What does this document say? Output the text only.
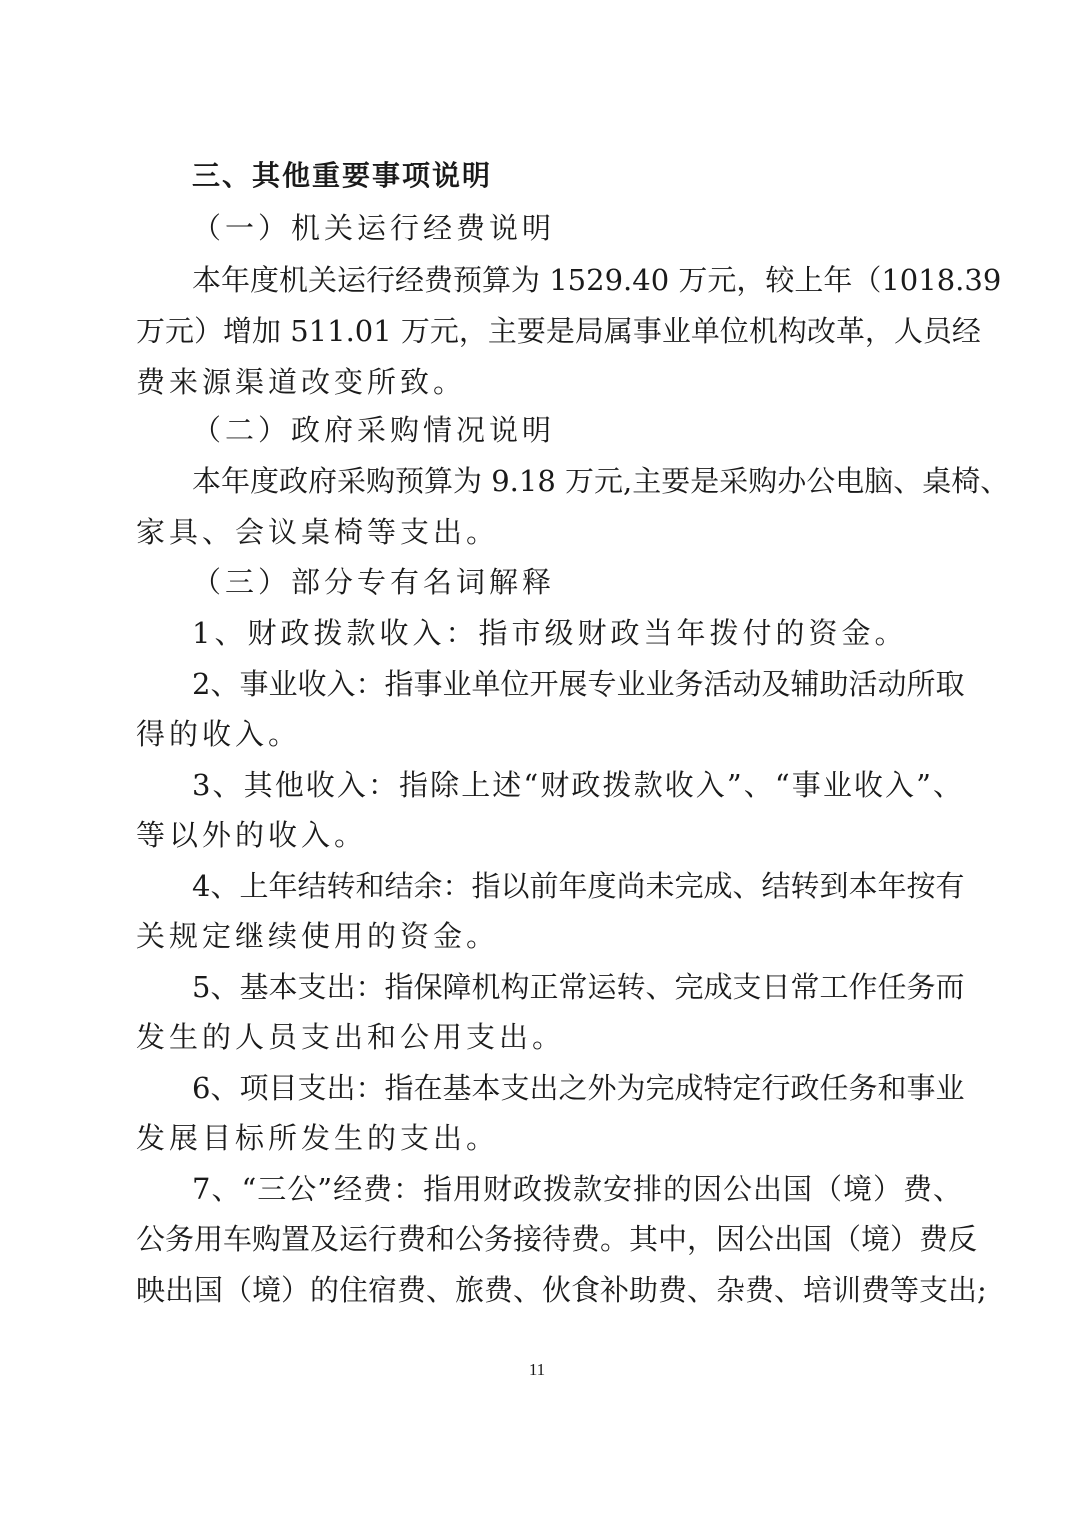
三、其他重要事项说明
（一）机关运行经费说明
本年度机关运行经费预算为 1529.40 万元，较上年（1018.39
万元）增加 511.01 万元，主要是局属事业单位机构改革，人员经
费来源渠道改变所致。
（二）政府采购情况说明
本年度政府采购预算为 9.18 万元,主要是采购办公电脑、桌椅、
家具、会议桌椅等支出。
（三）部分专有名词解释
1、财政拨款收入：指市级财政当年拨付的资金。
2、事业收入：指事业单位开展专业业务活动及辅助活动所取
得的收入。
3、其他收入：指除上述“财政拨款收入”、“事业收入”、
等以外的收入。
4、上年结转和结余：指以前年度尚未完成、结转到本年按有
关规定继续使用的资金。
5、基本支出：指保障机构正常运转、完成支日常工作任务而
发生的人员支出和公用支出。
6、项目支出：指在基本支出之外为完成特定行政任务和事业
发展目标所发生的支出。
7、“三公”经费：指用财政拨款安排的因公出国（境）费、
公务用车购置及运行费和公务接待费。其中，因公出国（境）费反
映出国（境）的住宿费、旅费、伙食补助费、杂费、培训费等支出;
11
